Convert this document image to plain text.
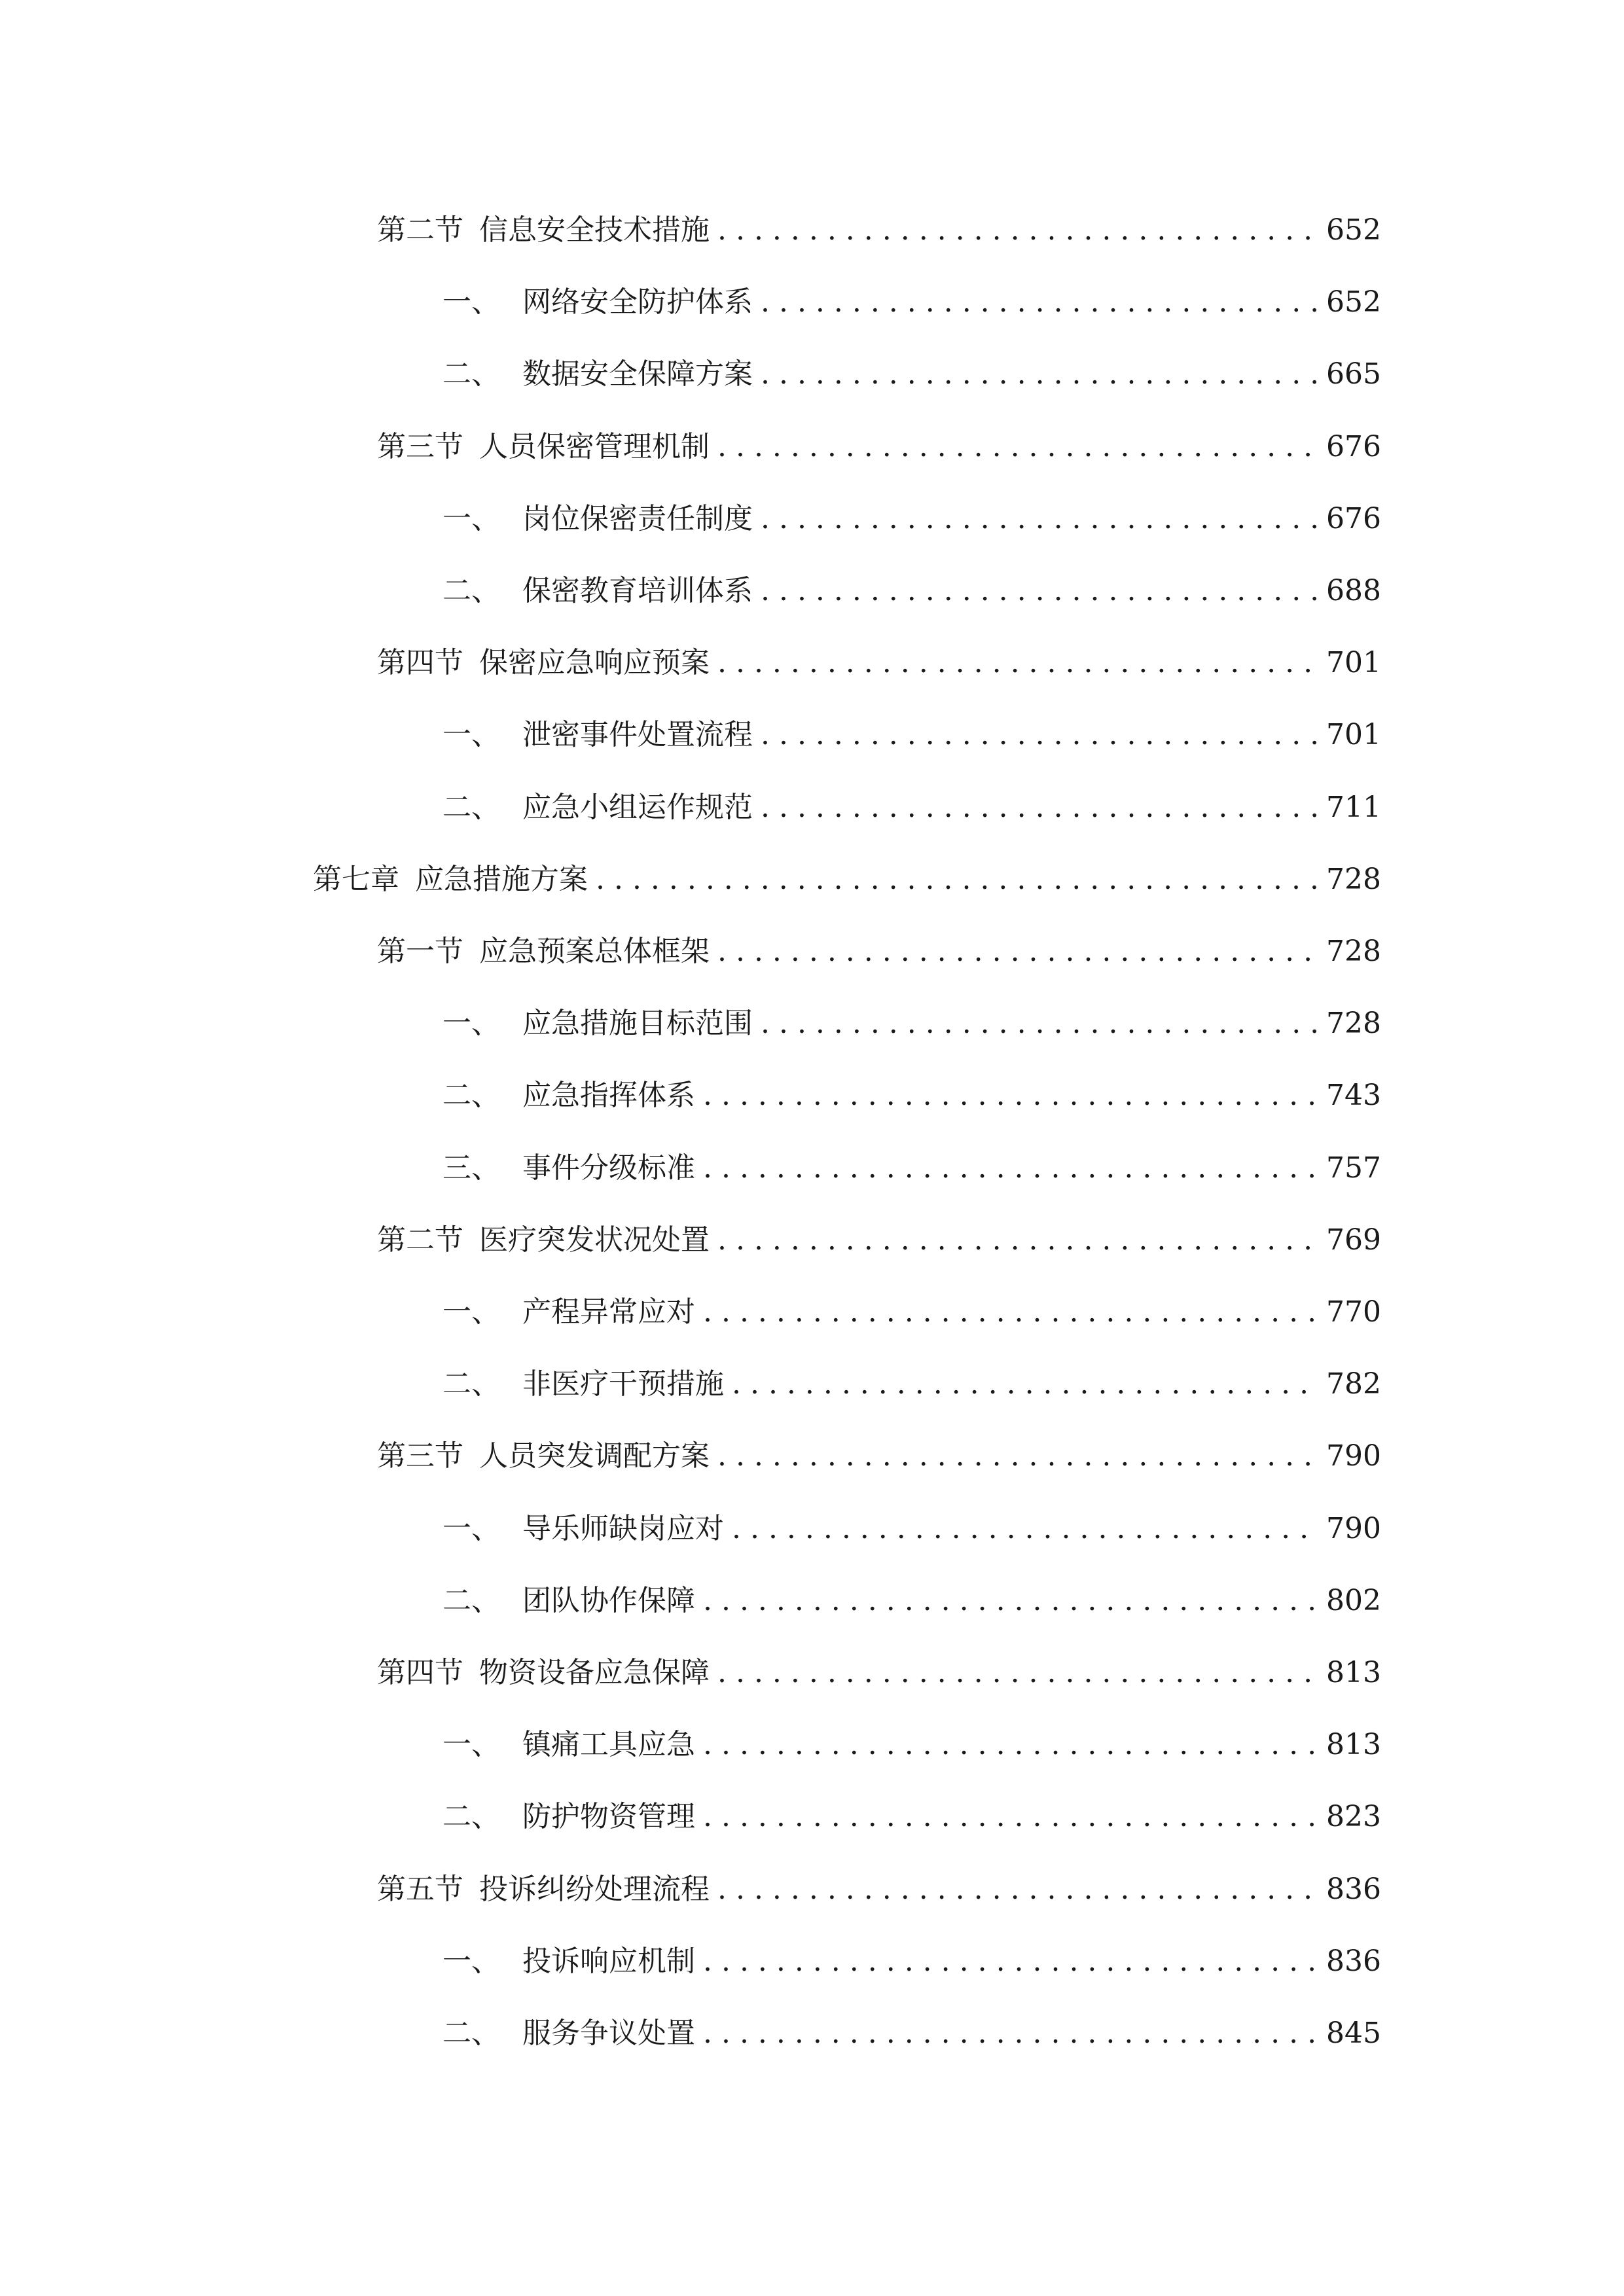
第二节 信息安全技术措施 . . .	652
一、 网络安全防护体系 . . .	652
二、 数据安全保障方案 . . .	665
第三节 人员保密管理机制 . . .	676
一、 岗位保密责任制度 . . .	676
二、 保密教育培训体系 . . .	688
第四节 保密应急响应预案 . . .	701
一、 泄密事件处置流程 . . .	701
二、 应急小组运作规范 . . .	711
第七章 应急措施方案 . . .	728
第一节 应急预案总体框架 . . .	728
一、 应急措施目标范围 . . .	728
二、 应急指挥体系 . . .	743
三、 事件分级标准 . . .	757
第二节 医疗突发状况处置 . . .	769
一、 产程异常应对 . . .	770
二、 非医疗干预措施 . . .	782
第三节 人员突发调配方案 . . .	790
一、 导乐师缺岗应对 . . .	790
二、 团队协作保障 . . .	802
第四节 物资设备应急保障 . . .	813
一、 镇痛工具应急 . . .	813
二、 防护物资管理 . . .	823
第五节 投诉纠纷处理流程 . . .	836
一、 投诉响应机制 . . .	836
二、 服务争议处置 . . .	845
